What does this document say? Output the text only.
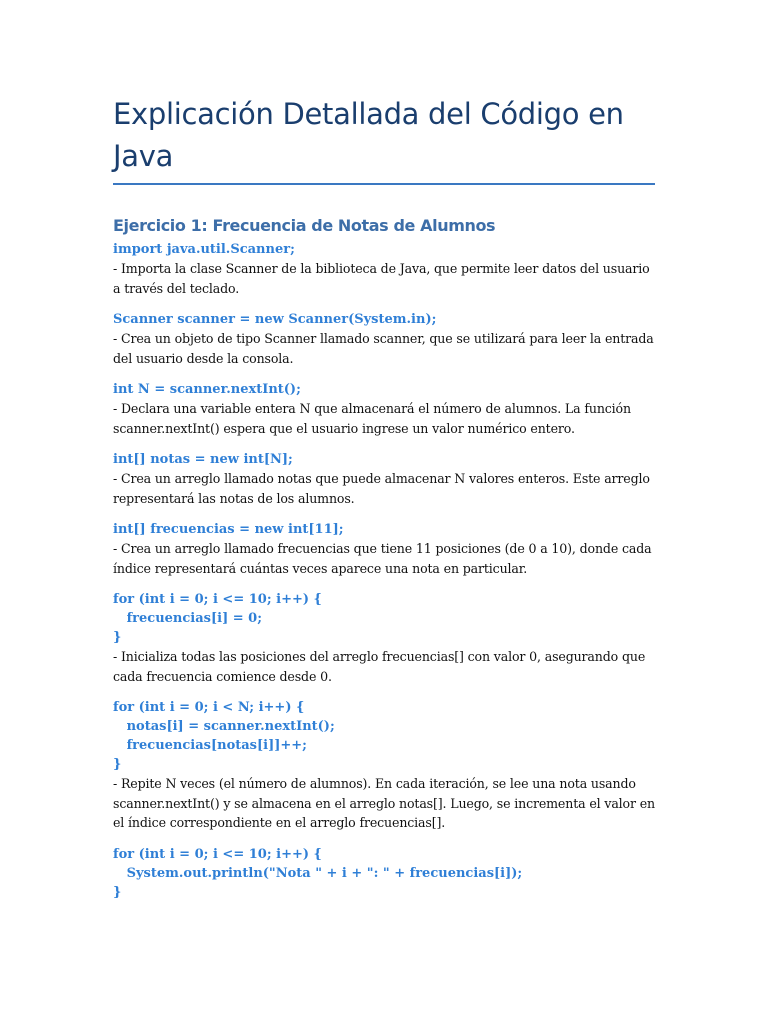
Explicación Detallada del Código en Java
Ejercicio 1: Frecuencia de Notas de Alumnos

import java.util.Scanner;

- Importa la clase Scanner de la biblioteca de Java, que permite leer datos del usuario a través del teclado.

Scanner scanner = new Scanner(System.in);

- Crea un objeto de tipo Scanner llamado scanner, que se utilizará para leer la entrada del usuario desde la consola.

int N = scanner.nextInt();

- Declara una variable entera N que almacenará el número de alumnos. La función scanner.nextInt() espera que el usuario ingrese un valor numérico entero.

int[] notas = new int[N];

- Crea un arreglo llamado notas que puede almacenar N valores enteros. Este arreglo representará las notas de los alumnos.

int[] frecuencias = new int[11];

- Crea un arreglo llamado frecuencias que tiene 11 posiciones (de 0 a 10), donde cada índice representará cuántas veces aparece una nota en particular.

for (int i = 0; i <= 10; i++) {
frecuencias[i] = 0;
}

- Inicializa todas las posiciones del arreglo frecuencias[] con valor 0, asegurando que cada frecuencia comience desde 0.

for (int i = 0; i < N; i++) {
notas[i] = scanner.nextInt();
frecuencias[notas[i]]++;
}

- Repite N veces (el número de alumnos). En cada iteración, se lee una nota usando scanner.nextInt() y se almacena en el arreglo notas[]. Luego, se incrementa el valor en el índice correspondiente en el arreglo frecuencias[].

for (int i = 0; i <= 10; i++) {
System.out.println("Nota " + i + ": " + frecuencias[i]);
}
